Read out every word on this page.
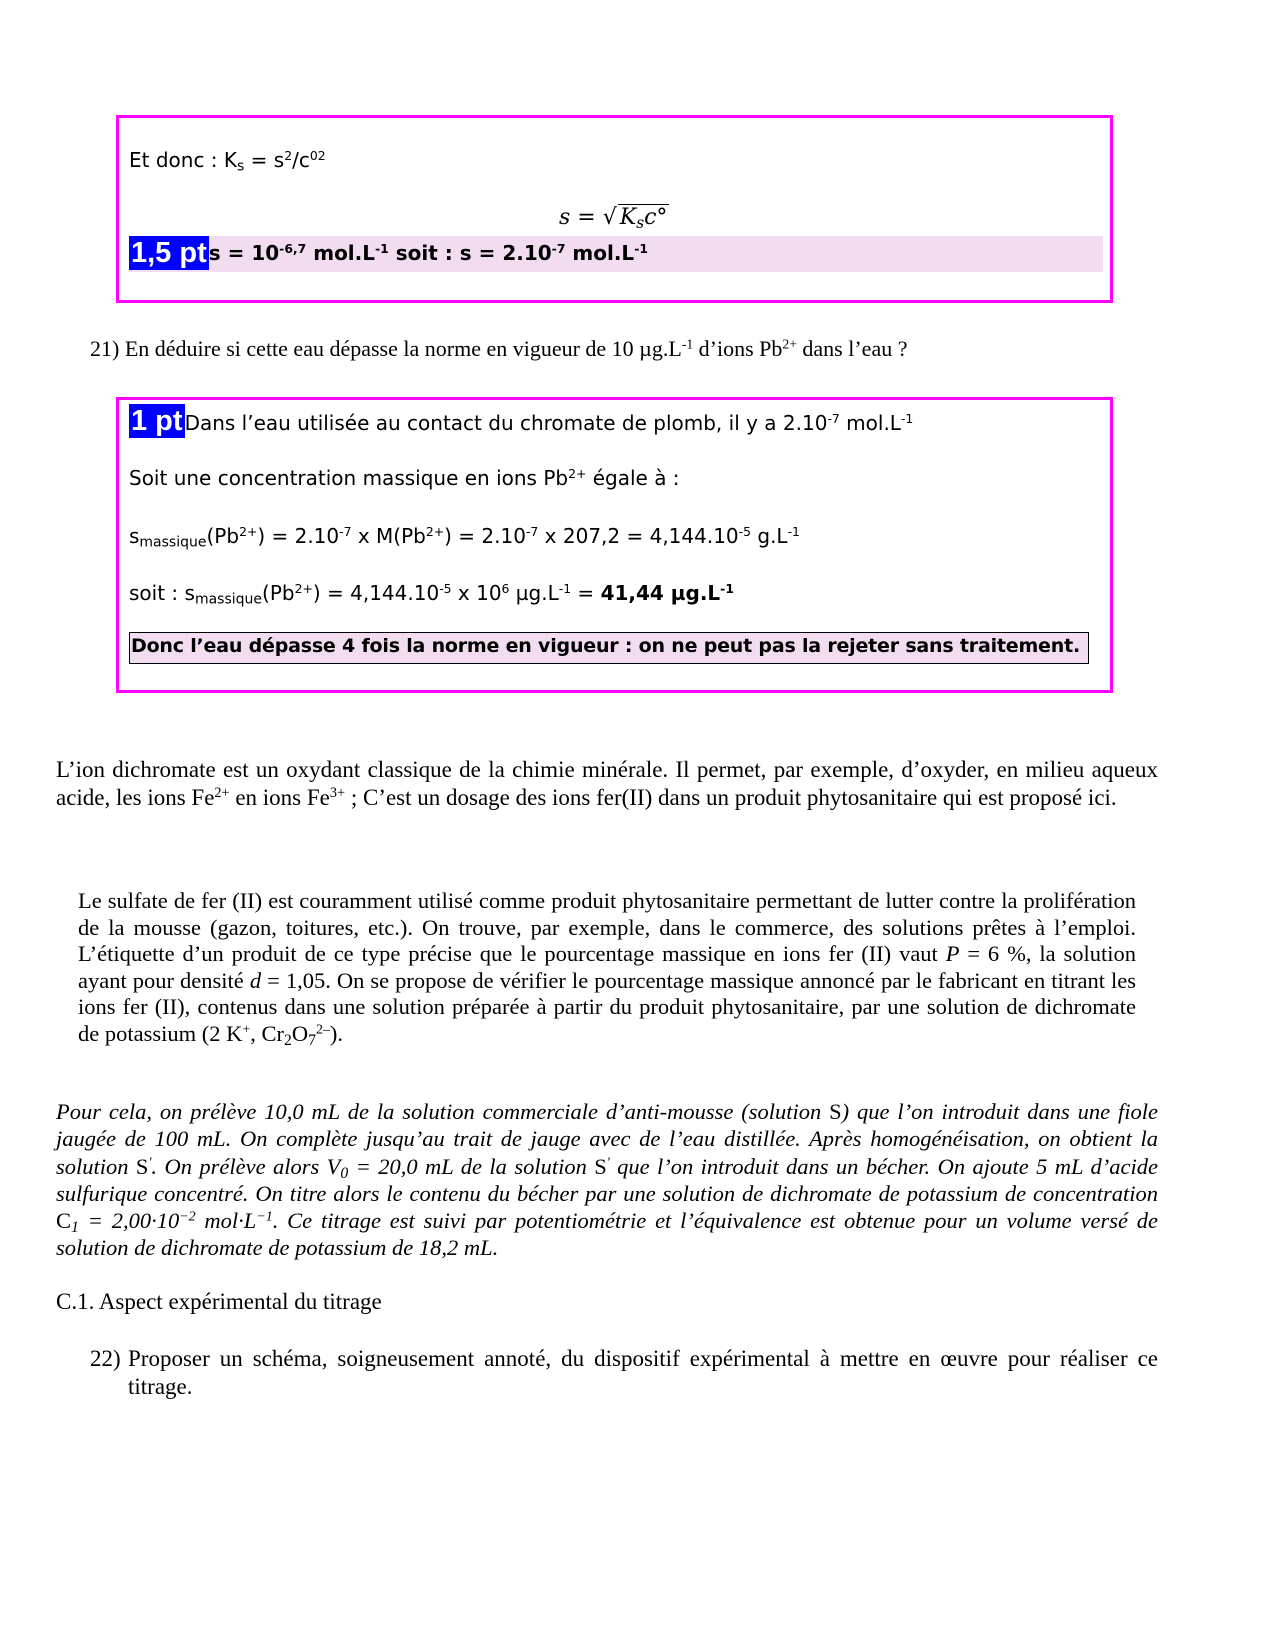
Et donc : $K_s = s^2/c^{02}$
s = √ $K_sc^\circ$
1,5 pt $s = 10^{-6,7}$ $mol.L^{-1}$ soit : $s = 2.10^{-7}$ $mol.L^{-1}$
21) En déduire si cette eau dépasse la norme en vigueur de 10 $\mu g.L^{-1}$ d’ions $Pb^{2+}$ dans l’eau ?
1 pt Dans l’eau utilisée au contact du chromate de plomb, il y a $2.10^{-7}$ $mol.L^{-1}$
Soit une concentration massique en ions $Pb^{2+}$ égale à :
$s_{massique}(Pb^{2+}) = 2.10^{-7}$ x $M(Pb^{2+}) = 2.10^{-7}$ x $207,2 = 4,144.10^{-5}$ $g.L^{-1}$
soit : $s_{massique}(Pb^{2+}) = 4,144.10^{-5}$ x $10^6$ $\mu g.L^{-1} = 41,44$ $\mu g.L^{-1}$
Donc l’eau dépasse 4 fois la norme en vigueur : on ne peut pas la rejeter sans traitement.
L’ion dichromate est un oxydant classique de la chimie minérale. Il permet, par exemple, d’oxyder, en milieu aqueux acide, les ions $Fe^{2+}$ en ions $Fe^{3+}$ ; C’est un dosage des ions fer(II) dans un produit phytosanitaire qui est proposé ici.
Le sulfate de fer (II) est couramment utilisé comme produit phytosanitaire permettant de lutter contre la prolifération de la mousse (gazon, toitures, etc.). On trouve, par exemple, dans le commerce, des solutions prêtes à l’emploi. L’étiquette d’un produit de ce type précise que le pourcentage massique en ions fer (II) vaut P = 6 %, la solution ayant pour densité d = 1,05. On se propose de vérifier le pourcentage massique annoncé par le fabricant en titrant les ions fer (II), contenus dans une solution préparée à partir du produit phytosanitaire, par une solution de dichromate de potassium (2 K+, $Cr_2O_7^{2-}$).
Pour cela, on prélève 10,0 mL de la solution commerciale d’anti-mousse (solution S) que l’on introduit dans une fiole jaugée de 100 mL. On complète jusqu’au trait de jauge avec de l’eau distillée. Après homogénéisation, on obtient la solution S'. On prélève alors $V_0 = 20,0$ mL de la solution S' que l’on introduit dans un bécher. On ajoute 5 mL d’acide sulfurique concentré. On titre alors le contenu du bécher par une solution de dichromate de potassium de concentration $C_1 = 2,00\cdot 10^{-2}$ $mol\cdot L^{-1}$. Ce titrage est suivi par potentiométrie et l’équivalence est obtenue pour un volume versé de solution de dichromate de potassium de 18,2 mL.
C.1. Aspect expérimental du titrage
22) Proposer un schéma, soigneusement annoté, du dispositif expérimental à mettre en œuvre pour réaliser ce titrage.
